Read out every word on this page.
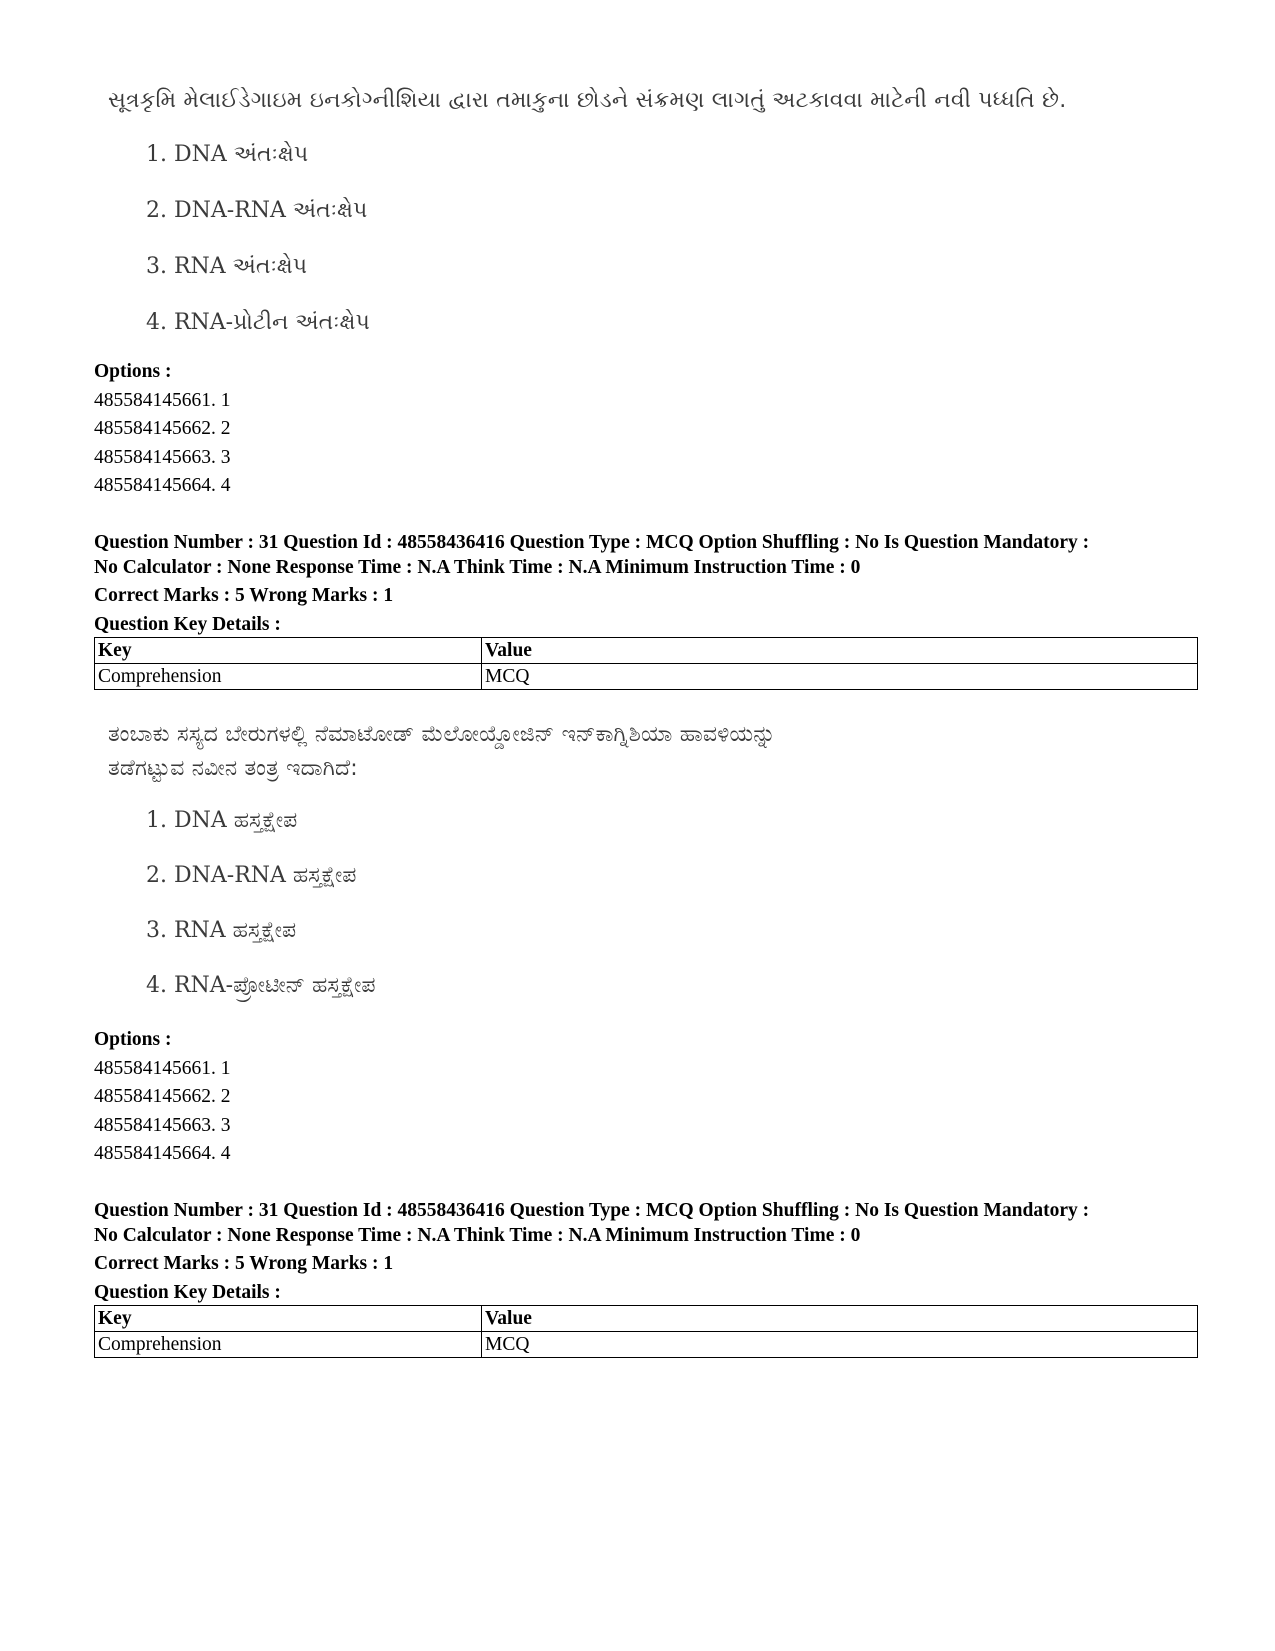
સૂત્રકૃમિ મેલાઈડેગાઇમ ઇનકોગ્નીશિયા દ્વારા તમાકુના છોડને સંક્રમણ લાગતું અટકાવવા માટેની નવી પધ્ધતિ છે.
1. DNA અંતઃક્ષેપ
2. DNA-RNA અંતઃક્ષેપ
3. RNA અંતઃક્ષેપ
4. RNA-પ્રોટીન અંતઃક્ષેપ
Options :
485584145661. 1
485584145662. 2
485584145663. 3
485584145664. 4
Question Number : 31 Question Id : 48558436416 Question Type : MCQ Option Shuffling : No Is Question Mandatory :
No Calculator : None Response Time : N.A Think Time : N.A Minimum Instruction Time : 0
Correct Marks : 5 Wrong Marks : 1
Question Key Details :
Key	Value
Comprehension	MCQ
ತಂಬಾಕು ಸಸ್ಯದ ಬೇರುಗಳಲ್ಲಿ ನೆಮಾಟೋಡ್ ಮೆಲೋಯ್ಡೋಜಿನ್ ಇನ್‌ಕಾಗ್ನಿಶಿಯಾ ಹಾವಳಿಯನ್ನು
ತಡೆಗಟ್ಟುವ ನವೀನ ತಂತ್ರ ಇದಾಗಿದೆ:
1. DNA ಹಸ್ತಕ್ಷೇಪ
2. DNA-RNA ಹಸ್ತಕ್ಷೇಪ
3. RNA ಹಸ್ತಕ್ಷೇಪ
4. RNA-ಪ್ರೋಟೀನ್ ಹಸ್ತಕ್ಷೇಪ
Options :
485584145661. 1
485584145662. 2
485584145663. 3
485584145664. 4
Question Number : 31 Question Id : 48558436416 Question Type : MCQ Option Shuffling : No Is Question Mandatory :
No Calculator : None Response Time : N.A Think Time : N.A Minimum Instruction Time : 0
Correct Marks : 5 Wrong Marks : 1
Question Key Details :
Key	Value
Comprehension	MCQ
